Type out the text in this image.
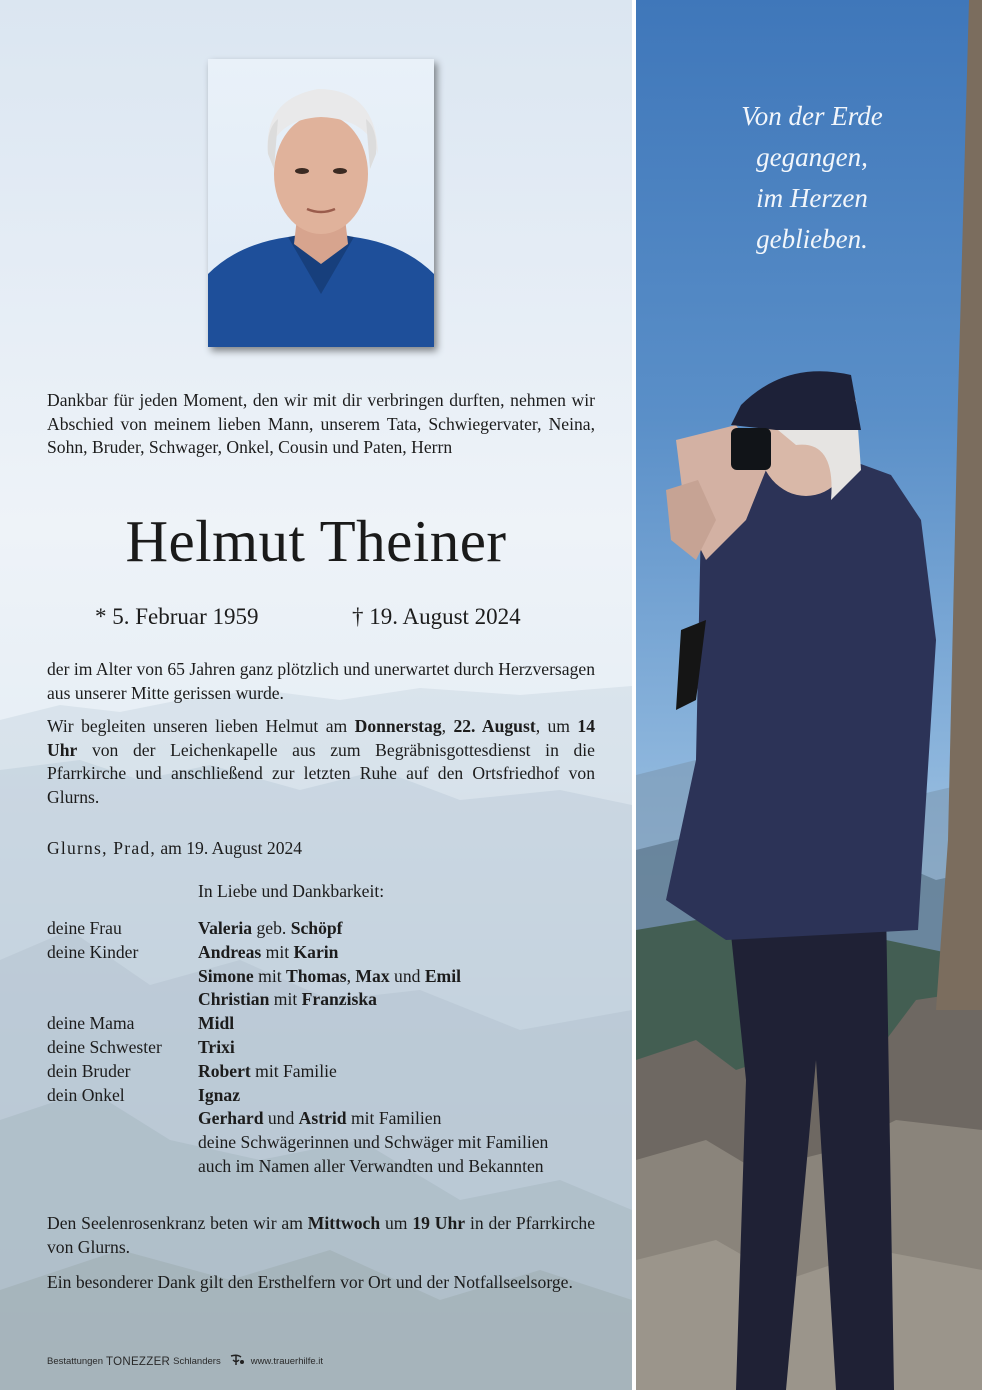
Von der Erde
gegangen,
im Herzen
geblieben.
Dankbar für jeden Moment, den wir mit dir verbringen durften, nehmen wir Abschied von meinem lieben Mann, unserem Tata, Schwiegervater, Neina, Sohn, Bruder, Schwager, Onkel, Cousin und Paten, Herrn
Helmut Theiner
* 5. Februar 1959	† 19. August 2024
der im Alter von 65 Jahren ganz plötzlich und unerwartet durch Herzversagen aus unserer Mitte gerissen wurde.
Wir begleiten unseren lieben Helmut am Donnerstag, 22. August, um 14 Uhr von der Leichenkapelle aus zum Begräbnisgottesdienst in die Pfarrkirche und anschließend zur letzten Ruhe auf den Ortsfriedhof von Glurns.
Glurns, Prad, am 19. August 2024
In Liebe und Dankbarkeit:
deine Frau	Valeria geb. Schöpf
deine Kinder	Andreas mit Karin
Simone mit Thomas, Max und Emil
Christian mit Franziska
deine Mama	Midl
deine Schwester Trixi
dein Bruder	Robert mit Familie
dein Onkel	Ignaz
Gerhard und Astrid mit Familien
deine Schwägerinnen und Schwäger mit Familien
auch im Namen aller Verwandten und Bekannten
Den Seelenrosenkranz beten wir am Mittwoch um 19 Uhr in der Pfarrkirche von Glurns.
Ein besonderer Dank gilt den Ersthelfern vor Ort und der Notfallseelsorge.
Bestattungen TONEZZER Schlanders	www.trauerhilfe.it
